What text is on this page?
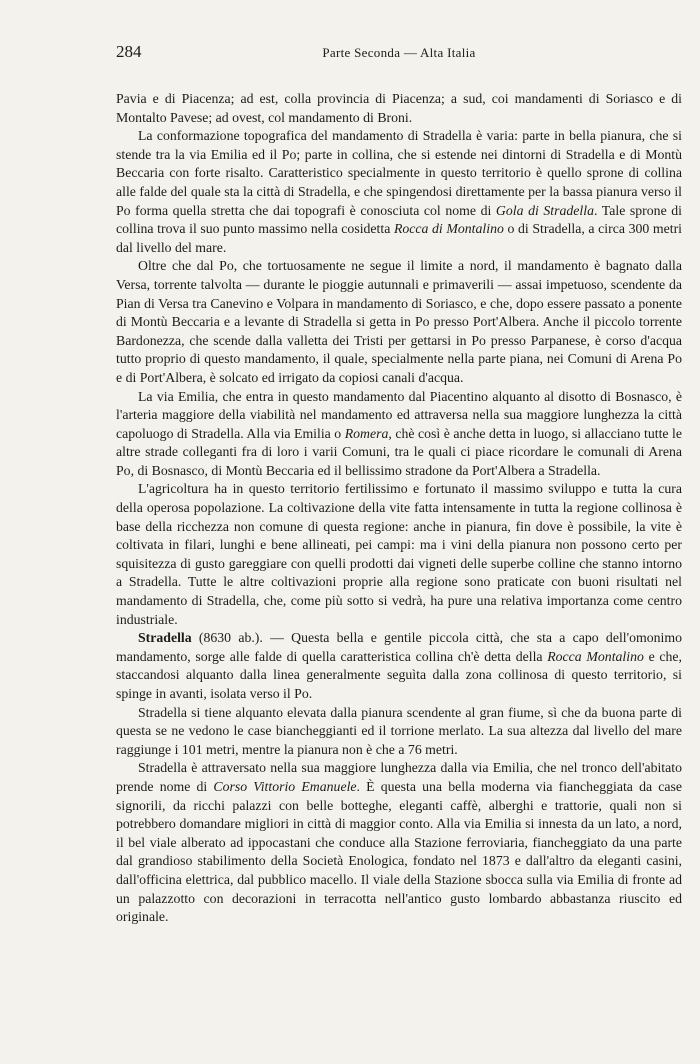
284	Parte Seconda — Alta Italia

Pavia e di Piacenza; ad est, colla provincia di Piacenza; a sud, coi mandamenti di Soriasco e di Montalto Pavese; ad ovest, col mandamento di Broni.

La conformazione topografica del mandamento di Stradella è varia: parte in bella pianura, che si stende tra la via Emilia ed il Po; parte in collina, che si estende nei dintorni di Stradella e di Montù Beccaria con forte risalto. Caratteristico specialmente in questo territorio è quello sprone di collina alle falde del quale sta la città di Stradella, e che spingendosi direttamente per la bassa pianura verso il Po forma quella stretta che dai topografi è conosciuta col nome di Gola di Stradella. Tale sprone di collina trova il suo punto massimo nella cosidetta Rocca di Montalino o di Stradella, a circa 300 metri dal livello del mare.

Oltre che dal Po, che tortuosamente ne segue il limite a nord, il mandamento è bagnato dalla Versa, torrente talvolta — durante le pioggie autunnali e primaverili — assai impetuoso, scendente da Pian di Versa tra Canevino e Volpara in mandamento di Soriasco, e che, dopo essere passato a ponente di Montù Beccaria e a levante di Stradella si getta in Po presso Port'Albera. Anche il piccolo torrente Bardonezza, che scende dalla valletta dei Tristi per gettarsi in Po presso Parpanese, è corso d'acqua tutto proprio di questo mandamento, il quale, specialmente nella parte piana, nei Comuni di Arena Po e di Port'Albera, è solcato ed irrigato da copiosi canali d'acqua.

La via Emilia, che entra in questo mandamento dal Piacentino alquanto al disotto di Bosnasco, è l'arteria maggiore della viabilità nel mandamento ed attraversa nella sua maggiore lunghezza la città capoluogo di Stradella. Alla via Emilia o Romera, chè così è anche detta in luogo, si allacciano tutte le altre strade colleganti fra di loro i varii Comuni, tra le quali ci piace ricordare le comunali di Arena Po, di Bosnasco, di Montù Beccaria ed il bellissimo stradone da Port'Albera a Stradella.

L'agricoltura ha in questo territorio fertilissimo e fortunato il massimo sviluppo e tutta la cura della operosa popolazione. La coltivazione della vite fatta intensamente in tutta la regione collinosa è base della ricchezza non comune di questa regione: anche in pianura, fin dove è possibile, la vite è coltivata in filari, lunghi e bene allineati, pei campi: ma i vini della pianura non possono certo per squisitezza di gusto gareggiare con quelli prodotti dai vigneti delle superbe colline che stanno intorno a Stradella. Tutte le altre coltivazioni proprie alla regione sono praticate con buoni risultati nel mandamento di Stradella, che, come più sotto si vedrà, ha pure una relativa importanza come centro industriale.

Stradella (8630 ab.). — Questa bella e gentile piccola città, che sta a capo dell'omonimo mandamento, sorge alle falde di quella caratteristica collina ch'è detta della Rocca Montalino e che, staccandosi alquanto dalla linea generalmente seguìta dalla zona collinosa di questo territorio, si spinge in avanti, isolata verso il Po.

Stradella si tiene alquanto elevata dalla pianura scendente al gran fiume, sì che da buona parte di questa se ne vedono le case biancheggianti ed il torrione merlato. La sua altezza dal livello del mare raggiunge i 101 metri, mentre la pianura non è che a 76 metri.

Stradella è attraversato nella sua maggiore lunghezza dalla via Emilia, che nel tronco dell'abitato prende nome di Corso Vittorio Emanuele. È questa una bella moderna via fiancheggiata da case signorili, da ricchi palazzi con belle botteghe, eleganti caffè, alberghi e trattorie, quali non si potrebbero domandare migliori in città di maggior conto. Alla via Emilia si innesta da un lato, a nord, il bel viale alberato ad ippocastani che conduce alla Stazione ferroviaria, fiancheggiato da una parte dal grandioso stabilimento della Società Enologica, fondato nel 1873 e dall'altro da eleganti casini, dall'officina elettrica, dal pubblico macello. Il viale della Stazione sbocca sulla via Emilia di fronte ad un palazzotto con decorazioni in terracotta nell'antico gusto lombardo abbastanza riuscito ed originale.
